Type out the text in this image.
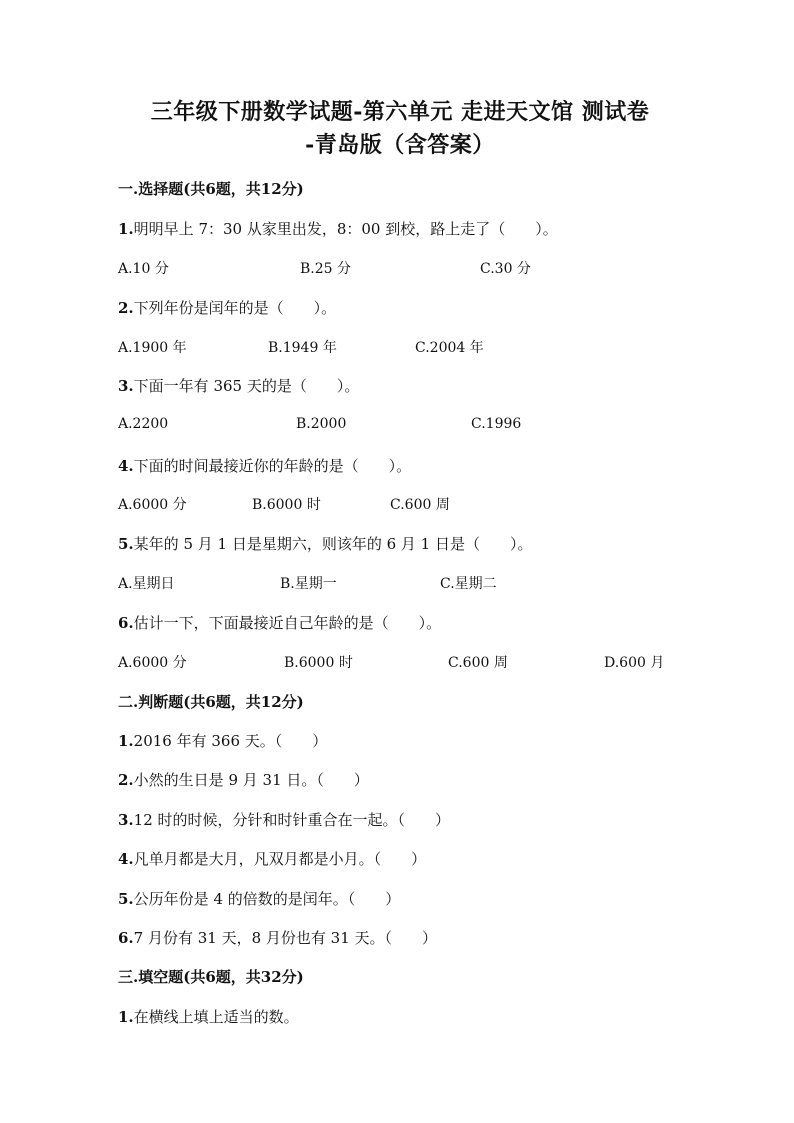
三年级下册数学试题-第六单元 走进天文馆 测试卷
-青岛版（含答案）
一.选择题(共6题，共12分)
1.明明早上 7：30 从家里出发，8：00 到校，路上走了（　　）。
A.10 分	B.25 分	C.30 分
2.下列年份是闰年的是（　　）。
A.1900 年	B.1949 年	C.2004 年
3.下面一年有 365 天的是（　　）。
A.2200	B.2000	C.1996
4.下面的时间最接近你的年龄的是（　　）。
A.6000 分	B.6000 时	C.600 周
5.某年的 5 月 1 日是星期六，则该年的 6 月 1 日是（　　）。
A.星期日	B.星期一	C.星期二
6.估计一下，下面最接近自己年龄的是（　　）。
A.6000 分	B.6000 时	C.600 周	D.600 月
二.判断题(共6题，共12分)
1.2016 年有 366 天。（　　）
2.小然的生日是 9 月 31 日。（　　）
3.12 时的时候，分针和时针重合在一起。（　　）
4.凡单月都是大月，凡双月都是小月。（　　）
5.公历年份是 4 的倍数的是闰年。（　　）
6.7 月份有 31 天，8 月份也有 31 天。（　　）
三.填空题(共6题，共32分)
1.在横线上填上适当的数。
